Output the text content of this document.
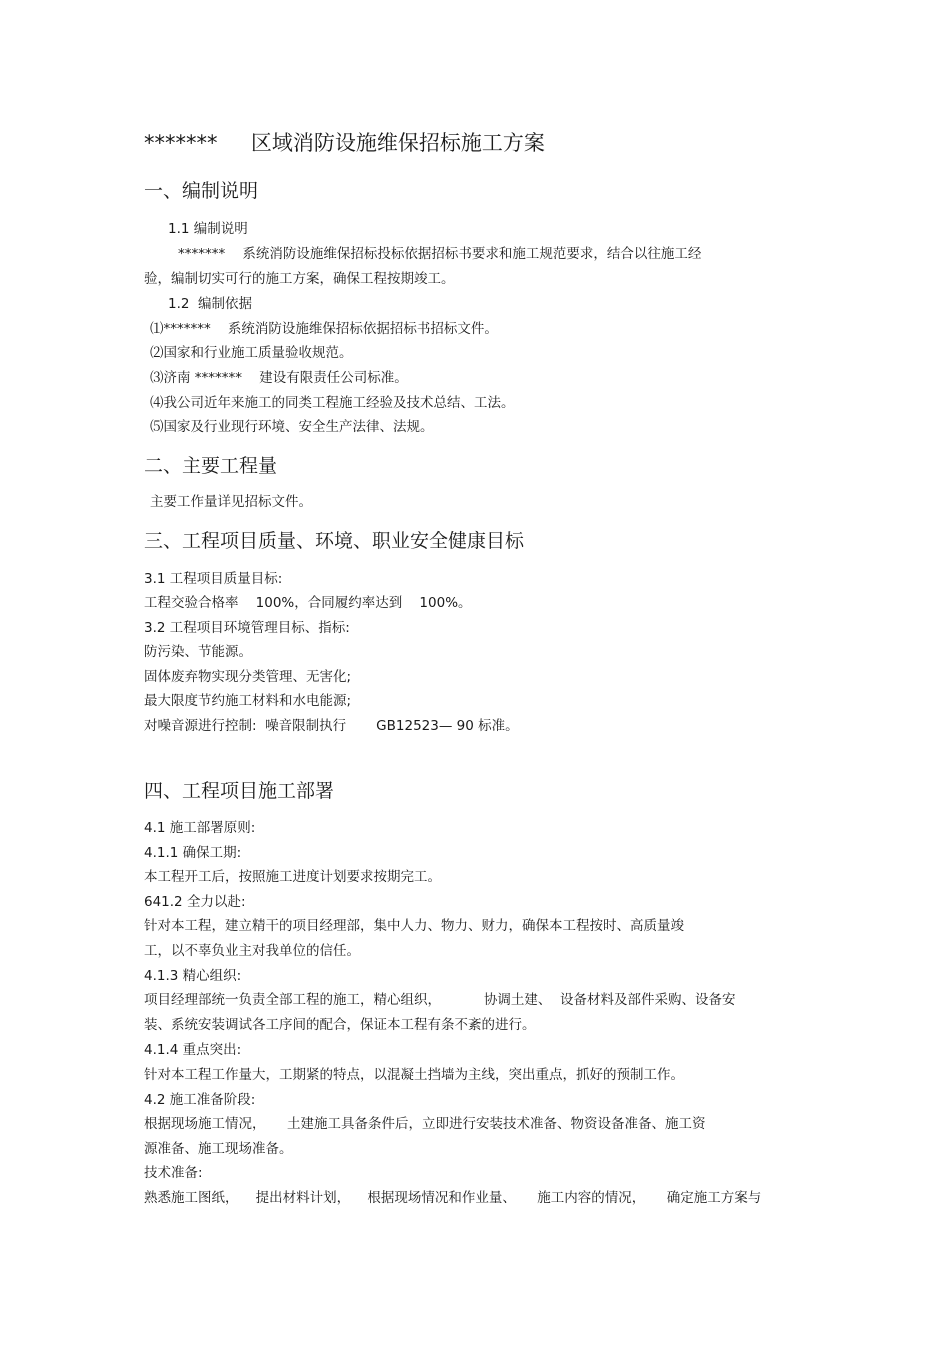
*******     区域消防设施维保招标施工方案
一、编制说明
1.1 编制说明
*******    系统消防设施维保招标投标依据招标书要求和施工规范要求，结合以往施工经
验，编制切实可行的施工方案，确保工程按期竣工。
1.2  编制依据
⑴*******    系统消防设施维保招标依据招标书招标文件。
⑵国家和行业施工质量验收规范。
⑶济南 *******    建设有限责任公司标准。
⑷我公司近年来施工的同类工程施工经验及技术总结、工法。
⑸国家及行业现行环境、安全生产法律、法规。
二、主要工程量
主要工作量详见招标文件。
三、工程项目质量、环境、职业安全健康目标
3.1 工程项目质量目标:
工程交验合格率    100%，合同履约率达到    100%。
3.2 工程项目环境管理目标、指标:
防污染、节能源。
固体废弃物实现分类管理、无害化;
最大限度节约施工材料和水电能源;
对噪音源进行控制:  噪音限制执行       GB12523— 90 标准。
四、工程项目施工部署
4.1 施工部署原则:
4.1.1 确保工期:
本工程开工后，按照施工进度计划要求按期完工。
641.2 全力以赴:
针对本工程，建立精干的项目经理部，集中人力、物力、财力，确保本工程按时、高质量竣
工，以不辜负业主对我单位的信任。
4.1.3 精心组织:
项目经理部统一负责全部工程的施工，精心组织，          协调土建、  设备材料及部件采购、设备安
装、系统安装调试各工序间的配合，保证本工程有条不紊的进行。
4.1.4 重点突出:
针对本工程工作量大，工期紧的特点，以混凝土挡墙为主线，突出重点，抓好的预制工作。
4.2 施工准备阶段:
根据现场施工情况，     土建施工具备条件后，立即进行安装技术准备、物资设备准备、施工资
源准备、施工现场准备。
技术准备:
熟悉施工图纸，    提出材料计划，    根据现场情况和作业量、     施工内容的情况，     确定施工方案与
